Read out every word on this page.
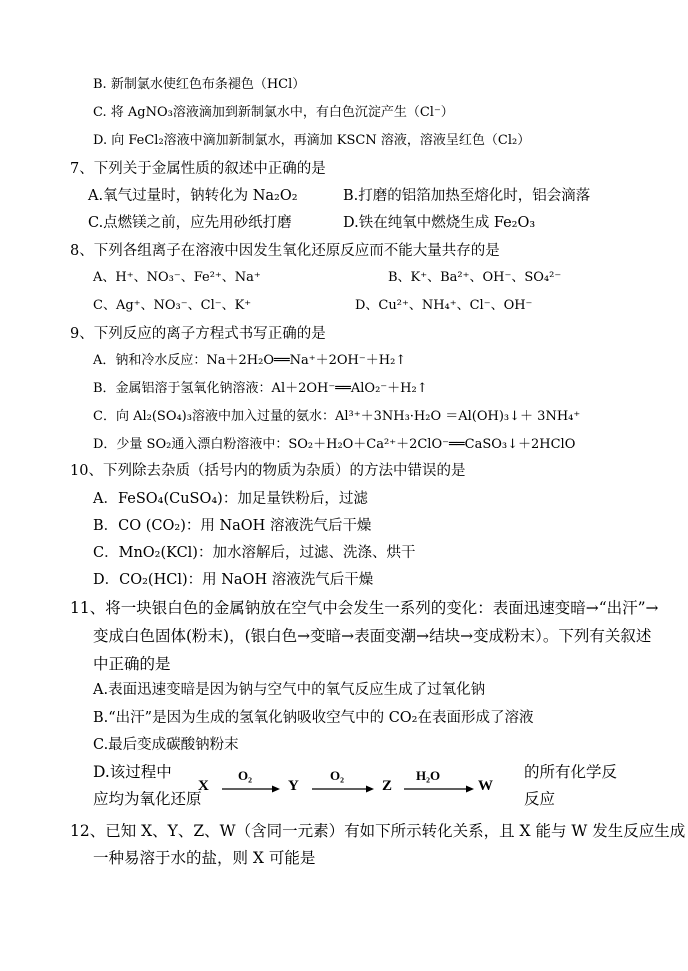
B. 新制氯水使红色布条褪色（HCl）
C. 将 AgNO₃溶液滴加到新制氯水中，有白色沉淀产生（Cl⁻）
D. 向 FeCl₂溶液中滴加新制氯水，再滴加 KSCN 溶液，溶液呈红色（Cl₂）
7、下列关于金属性质的叙述中正确的是
A.氧气过量时，钠转化为 Na₂O₂	B.打磨的铝箔加热至熔化时，铝会滴落
C.点燃镁之前，应先用砂纸打磨	D.铁在纯氧中燃烧生成 Fe₂O₃
8、下列各组离子在溶液中因发生氧化还原反应而不能大量共存的是
A、H⁺、NO₃⁻、Fe²⁺、Na⁺	B、K⁺、Ba²⁺、OH⁻、SO₄²⁻
C、Ag⁺、NO₃⁻、Cl⁻、K⁺	D、Cu²⁺、NH₄⁺、Cl⁻、OH⁻
9、下列反应的离子方程式书写正确的是
A．钠和冷水反应：Na＋2H₂O══Na⁺＋2OH⁻＋H₂↑
B．金属铝溶于氢氧化钠溶液：Al＋2OH⁻══AlO₂⁻＋H₂↑
C．向 Al₂(SO₄)₃溶液中加入过量的氨水：Al³⁺＋3NH₃·H₂O ＝Al(OH)₃↓＋ 3NH₄⁺
D．少量 SO₂通入漂白粉溶液中：SO₂＋H₂O＋Ca²⁺＋2ClO⁻══CaSO₃↓＋2HClO
10、下列除去杂质（括号内的物质为杂质）的方法中错误的是
A．FeSO₄(CuSO₄)：加足量铁粉后，过滤
B．CO (CO₂)：用 NaOH 溶液洗气后干燥
C．MnO₂(KCl)：加水溶解后，过滤、洗涤、烘干
D．CO₂(HCl)：用 NaOH 溶液洗气后干燥
11、将一块银白色的金属钠放在空气中会发生一系列的变化：表面迅速变暗→“出汗”→
变成白色固体(粉末)，(银白色→变暗→表面变潮→结块→变成粉末）。下列有关叙述
中正确的是
A.表面迅速变暗是因为钠与空气中的氧气反应生成了过氧化钠
B.“出汗”是因为生成的氢氧化钠吸收空气中的 CO₂在表面形成了溶液
C.最后变成碳酸钠粉末
D.该过程中
应均为氧化还原
的所有化学反
反应
X
O₂
Y
O₂
Z
H₂O
W
12、已知 X、Y、Z、W（含同一元素）有如下所示转化关系，且 X 能与 W 发生反应生成
一种易溶于水的盐，则 X 可能是
